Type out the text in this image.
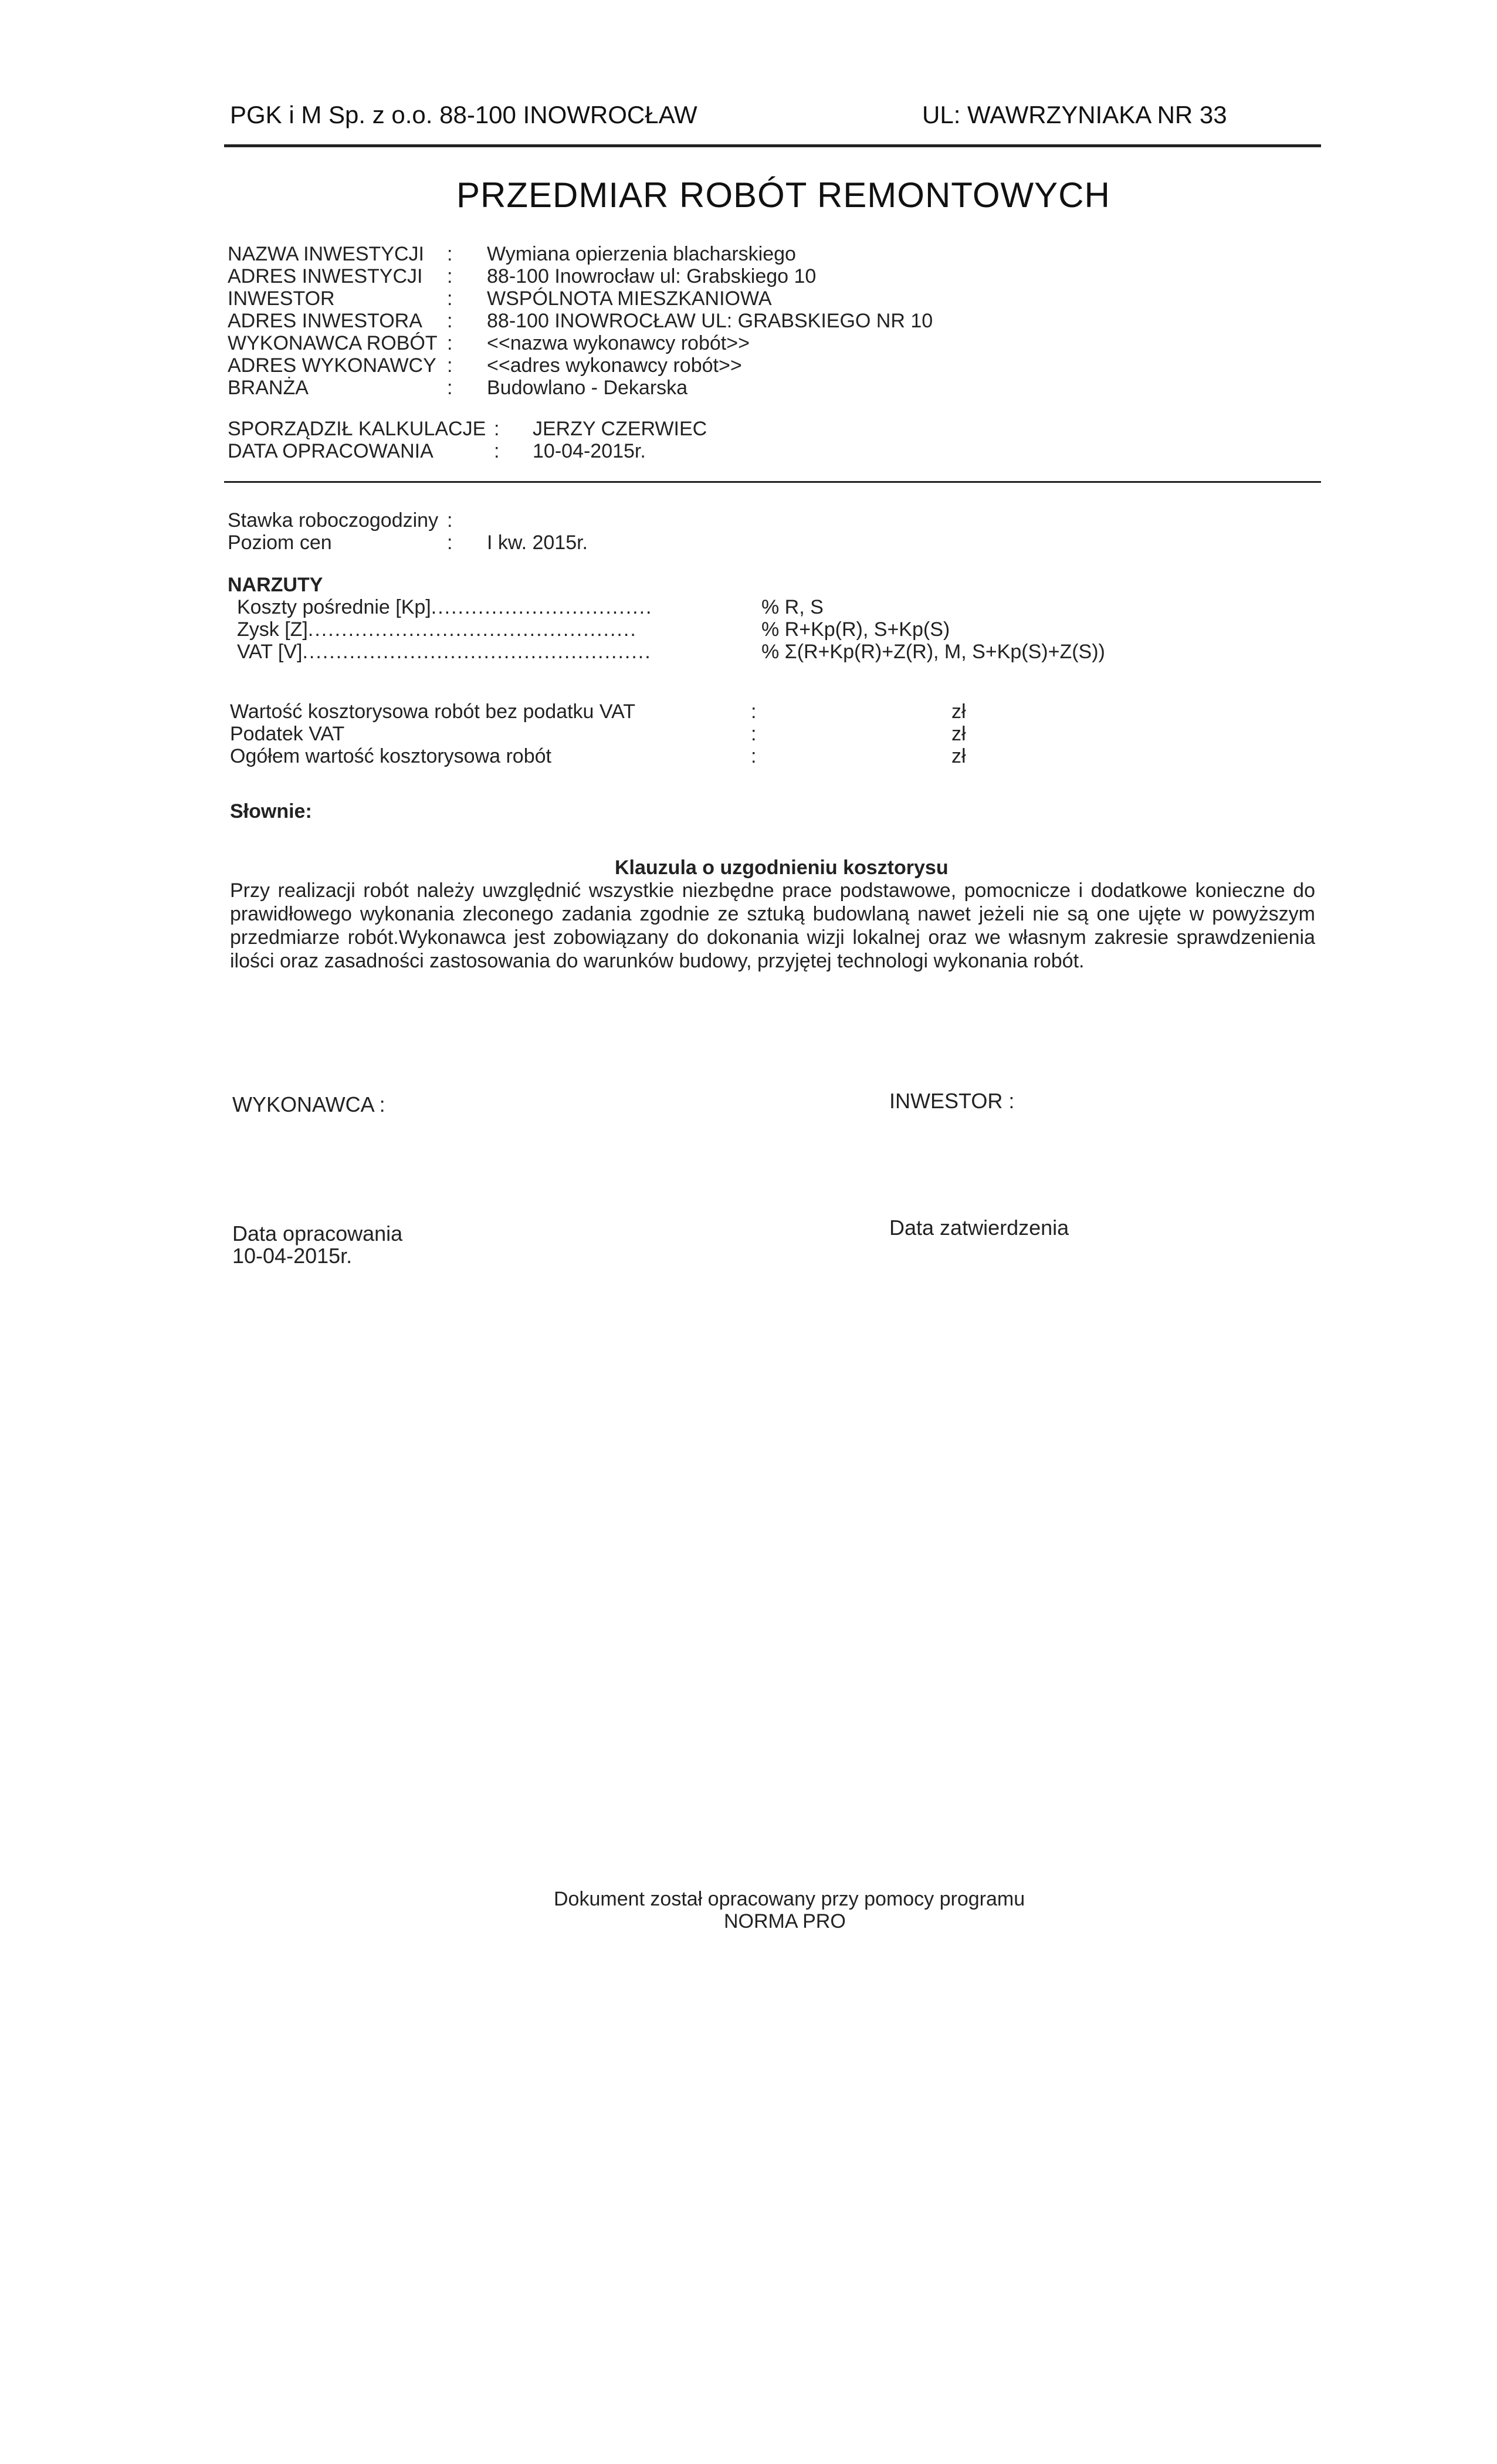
PGK i M Sp. z o.o. 88-100 INOWROCŁAW	UL: WAWRZYNIAKA NR 33
PRZEDMIAR ROBÓT REMONTOWYCH
NAZWA INWESTYCJI : Wymiana opierzenia blacharskiego
ADRES INWESTYCJI : 88-100 Inowrocław ul: Grabskiego 10
INWESTOR	: WSPÓLNOTA MIESZKANIOWA
ADRES INWESTORA : 88-100 INOWROCŁAW UL: GRABSKIEGO NR 10
WYKONAWCA ROBÓT : <<nazwa wykonawcy robót>>
ADRES WYKONAWCY : <<adres wykonawcy robót>>
BRANŻA	: Budowlano - Dekarska
SPORZĄDZIŁ KALKULACJE : JERZY CZERWIEC
DATA OPRACOWANIA	: 10-04-2015r.
Stawka roboczogodziny :
Poziom cen	: I kw. 2015r.
NARZUTY
Koszty pośrednie [Kp].................................	% R, S
Zysk [Z].................................................	% R+Kp(R), S+Kp(S)
VAT [V]....................................................	% Σ(R+Kp(R)+Z(R), M, S+Kp(S)+Z(S))
Wartość kosztorysowa robót bez podatku VAT	:	zł
Podatek VAT	:	zł
Ogółem wartość kosztorysowa robót	:	zł
Słownie:
Klauzula o uzgodnieniu kosztorysu
Przy realizacji robót należy uwzględnić wszystkie niezbędne prace podstawowe, pomocnicze i dodatkowe konieczne do prawidłowego wykonania zleconego zadania zgodnie ze sztuką budowlaną nawet jeżeli nie są one ujęte w powyższym przedmiarze robót.Wykonawca jest zobowiązany do dokonania wizji lokalnej oraz we własnym zakresie sprawdzenienia ilości oraz zasadności zastosowania do warunków budowy, przyjętej technologi wykonania robót.
WYKONAWCA :	INWESTOR :
Data opracowania
10-04-2015r.
Data zatwierdzenia
Dokument został opracowany przy pomocy programu
NORMA PRO
